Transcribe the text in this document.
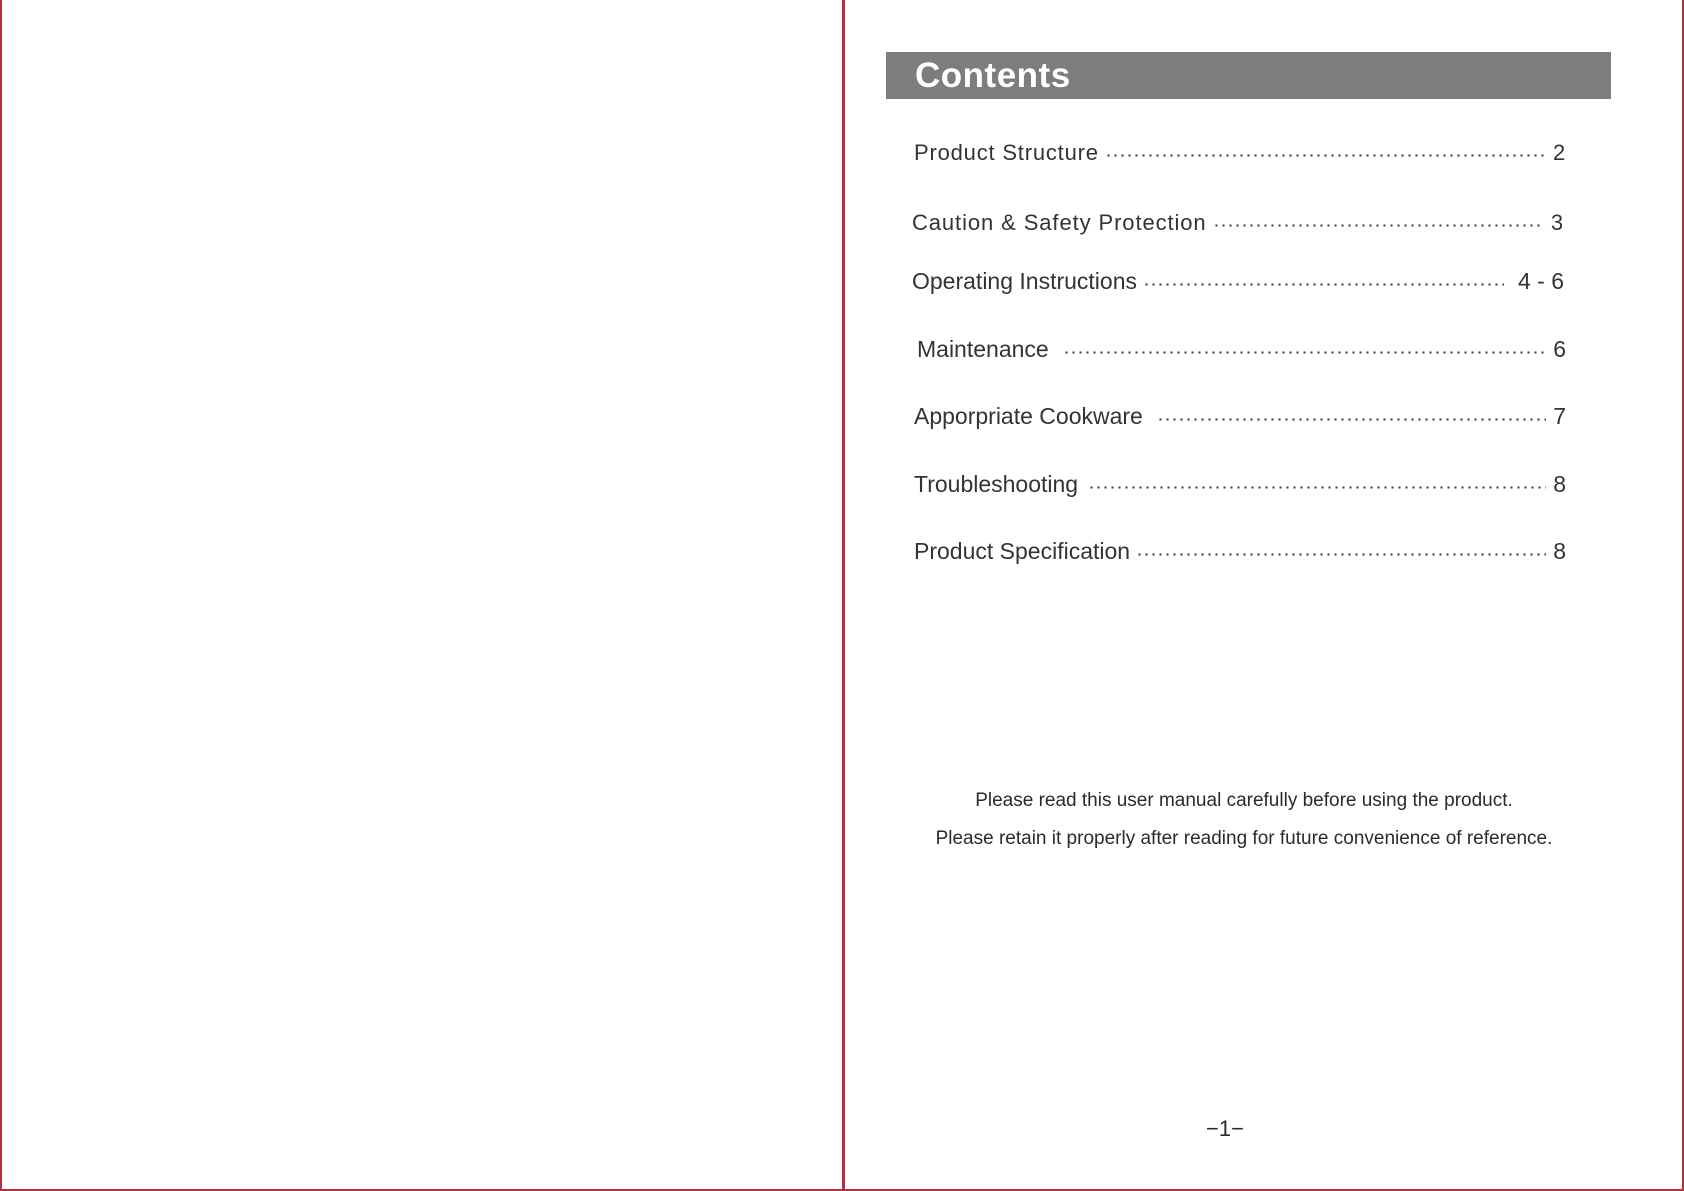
Contents
Product Structure	2
Caution & Safety Protection	3
Operating Instructions	4 - 6
Maintenance	6
Apporpriate Cookware	7
Troubleshooting	8
Product Specification	8
Please read this user manual carefully before using the product.
Please retain it properly after reading for future convenience of reference.
−1−
